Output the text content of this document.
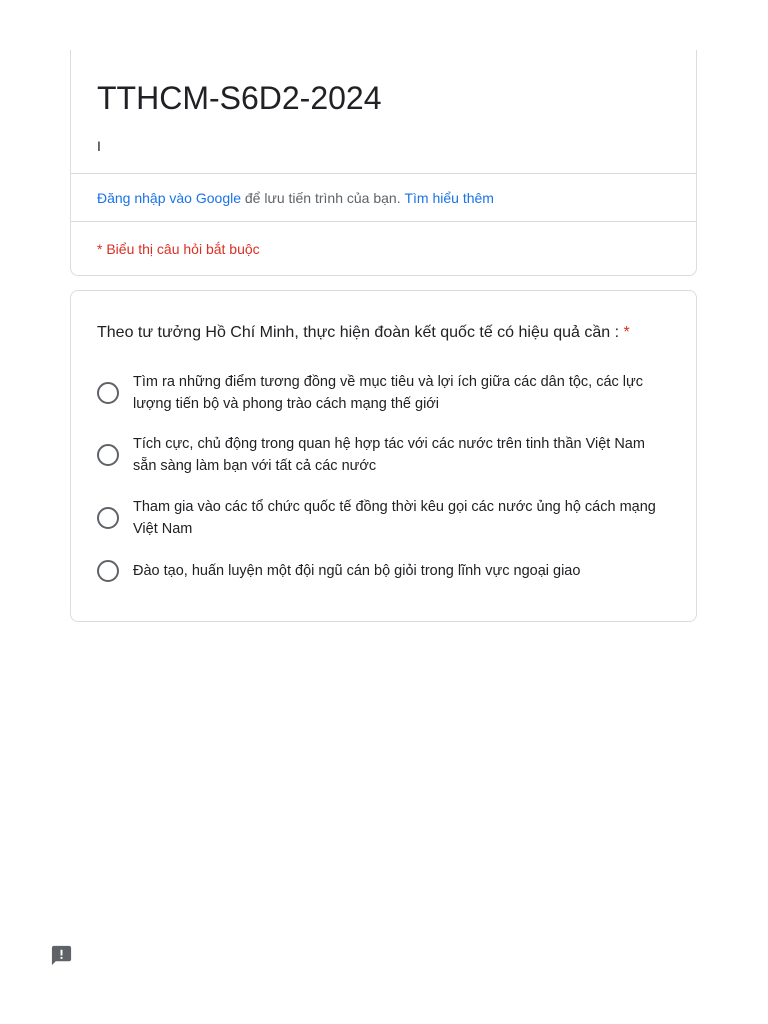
TTHCM-S6D2-2024
I
Đăng nhập vào Google để lưu tiến trình của bạn. Tìm hiểu thêm
* Biểu thị câu hỏi bắt buộc
Theo tư tưởng Hồ Chí Minh, thực hiện đoàn kết quốc tế có hiệu quả cần : *
Tìm ra những điểm tương đồng về mục tiêu và lợi ích giữa các dân tộc, các lực lượng tiến bộ và phong trào cách mạng thế giới
Tích cực, chủ động trong quan hệ hợp tác với các nước trên tinh thần Việt Nam sẵn sàng làm bạn với tất cả các nước
Tham gia vào các tổ chức quốc tế đồng thời kêu gọi các nước ủng hộ cách mạng Việt Nam
Đào tạo, huấn luyện một đội ngũ cán bộ giỏi trong lĩnh vực ngoại giao
